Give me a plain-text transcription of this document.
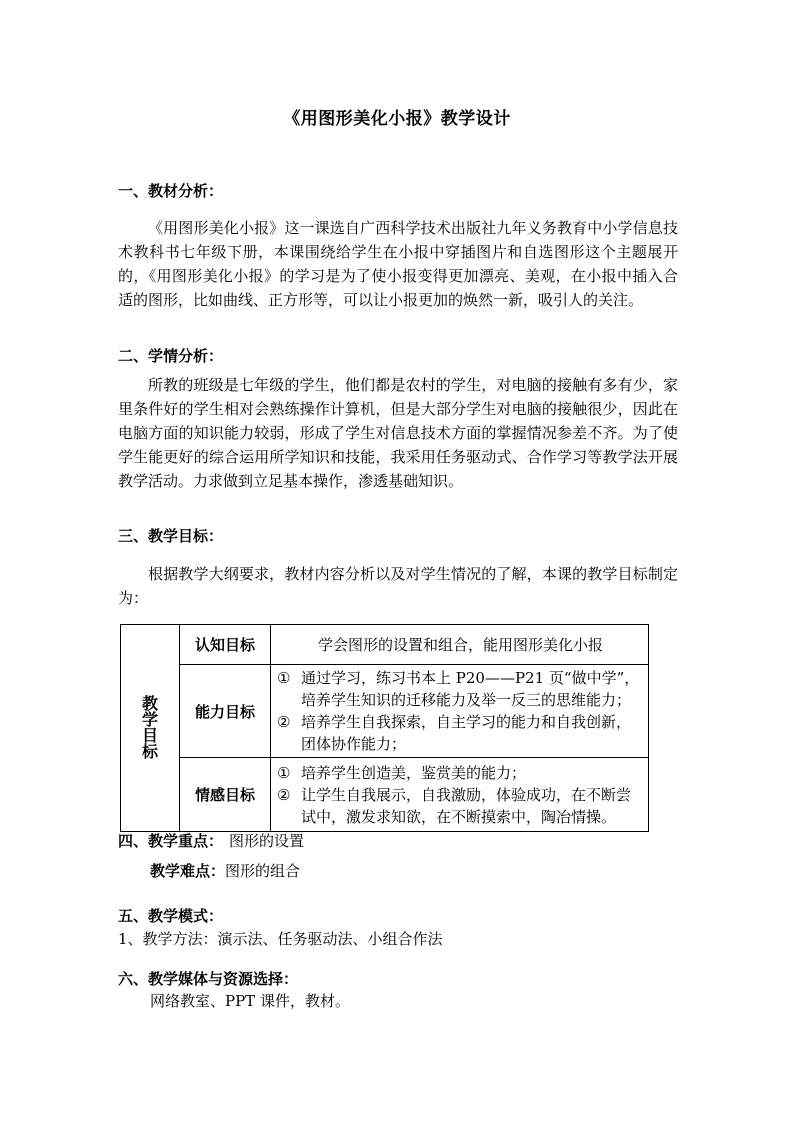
《用图形美化小报》教学设计
一、教材分析：
《用图形美化小报》这一课选自广西科学技术出版社九年义务教育中小学信息技术教科书七年级下册，本课围绕给学生在小报中穿插图片和自选图形这个主题展开的，《用图形美化小报》的学习是为了使小报变得更加漂亮、美观，在小报中插入合适的图形，比如曲线、正方形等，可以让小报更加的焕然一新，吸引人的关注。
二、学情分析：
所教的班级是七年级的学生，他们都是农村的学生，对电脑的接触有多有少，家里条件好的学生相对会熟练操作计算机，但是大部分学生对电脑的接触很少，因此在电脑方面的知识能力较弱，形成了学生对信息技术方面的掌握情况参差不齐。为了使学生能更好的综合运用所学知识和技能，我采用任务驱动式、合作学习等教学法开展教学活动。力求做到立足基本操作，渗透基础知识。
三、教学目标：
根据教学大纲要求，教材内容分析以及对学生情况的了解，本课的教学目标制定为：
教学目标	认知目标	学会图形的设置和组合，能用图形美化小报
	能力目标	① 通过学习，练习书本上 P20——P21 页“做中学”，培养学生知识的迁移能力及举一反三的思维能力；
② 培养学生自我探索，自主学习的能力和自我创新，团体协作能力；

	情感目标	① 培养学生创造美，鉴赏美的能力；
② 让学生自我展示，自我激励，体验成功，在不断尝试中，激发求知欲，在不断摸索中，陶冶情操。
四、教学重点： 图形的设置
教学难点：图形的组合
五、教学模式：
1、教学方法：演示法、任务驱动法、小组合作法
六、教学媒体与资源选择：
网络教室、PPT 课件，教材。
